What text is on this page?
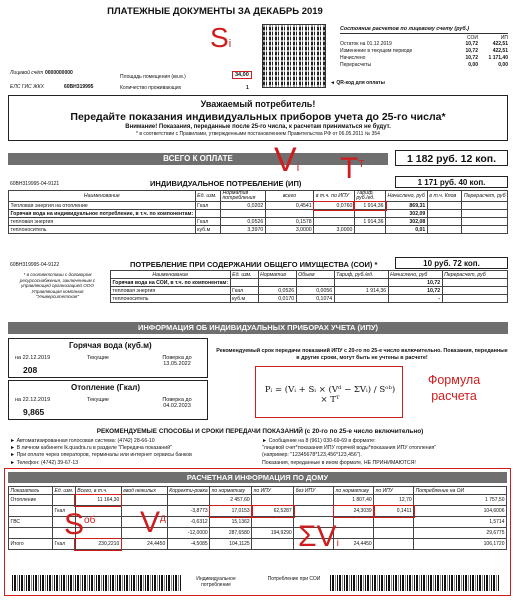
ПЛАТЕЖНЫЕ ДОКУМЕНТЫ ЗА ДЕКАБРЬ 2019
◄ QR-код для оплаты
Лицевой счёт 0000000000
ЕЛС ГИС ЖКХ	60ВН319995
Площадь помещения (кв.м.)	34,00
Количество проживающих	1
Si
Состояние расчетов по лицевому счету (руб.)
СОИ	ИП
Остаток на 01.12.2019	10,72	422,51
Изменение в текущем периоде	10,72	422,51
Начислено	10,72	1 171,40
Перерасчеты	0,00	0,00
Уважаемый потребитель!
Передайте показания индивидуальных приборов учета до 25-го числа*
Внимание! Показания, переданные после 25-го числа, к расчетам приниматься не будут.
* в соответствии с Правилами, утвержденными постановлением Правительства РФ от 06.05.2011 № 354
ВСЕГО К ОПЛАТЕ	1 182 руб. 12 коп.
Vi $T^T$
60ВН319995-04-9121	ИНДИВИДУАЛЬНОЕ ПОТРЕБЛЕНИЕ (ИП)	1 171 руб. 40 коп.
Наименование	Ед. изм.	Норматив потребления	всего	в т.ч. по ИПУ	Тариф, руб./ед.	Начислено, руб	в т.ч. Кпов	Перерасчет, руб
Тепловая энергия на отопление	Гкал	0,0202	0,4541	0,0760	1 914,36	869,31		
Горячая вода на индивидуальное потребление, в т.ч. по компонентам:						302,09		
тепловая энергия	Гкал	0,0526	0,1578		1 914,36	302,08		
теплоноситель	куб.м	3,3970	3,0000	3,0000		0,01		
60ВН319995-04-9122	ПОТРЕБЛЕНИЕ ПРИ СОДЕРЖАНИИ ОБЩЕГО ИМУЩЕСТВА (СОИ) *	10 руб. 72 коп.
* в соответствии с договором ресурсоснабжения, заключенным с управляющей организацией ООО Управляющая компания "Университетская"
Наименование	Ед. изм.	Норматив	Объем	Тариф, руб./ед.	Начислено, руб	Перерасчет, руб
Горячая вода на СОИ, в т.ч. по компонентам:					10,72	
тепловая энергия	Гкал	0,0526	0,0056	1 914,36	10,72	
теплоноситель	куб.м	0,0170	0,1074		-	
ИНФОРМАЦИЯ ОБ ИНДИВИДУАЛЬНЫХ ПРИБОРАХ УЧЕТА (ИПУ)
Горячая вода (куб.м)
на 22.12.2019
208
Текущие	Поверка до 13.05.2022
Отопление (Гкал)
на 22.12.2019
9,865
Текущие	Поверка до 04.02.2023
Рекомендуемый срок передачи показаний ИПУ с 20-го по 25-е число включительно. Показания, переданные в другие сроки, могут быть не учтены в расчете!
Pᵢ = (Vᵢ + Sᵢ × (Vᵈ − ΣVᵢ) / Sᵒᵇ) × Tᵀ
Формула расчета
РЕКОМЕНДУЕМЫЕ СПОСОБЫ И СРОКИ ПЕРЕДАЧИ ПОКАЗАНИЙ (с 20-го по 25-е число включительно)
► Автоматизированная голосовая система: (4742) 28-66-10
► В личном кабинете lk.quadra.ru в разделе "Передача показаний"
► При оплате через операторов, терминалы или интернет сервисы банков
► Телефон: (4742) 39-67-13
► Сообщение на 8 (961) 030-69-69 в формате:
"лицевой счет*показания ИПУ горячей воды*показания ИПУ отопления"
(например: "12345678*123,456*123,456").
Показания, переданные в ином формате, НЕ ПРИНИМАЮТСЯ!
РАСЧЕТНАЯ ИНФОРМАЦИЯ ПО ДОМУ
Показатель	Ед. изм.	Всего, в т.ч.	ввод нежилых	Корректи-ровка	по нормативу	по ИПУ	без ИПУ	по нормативу	по ИПУ	Потребление на ОИ
Отопление		11 164,30			2 457,60			1 807,40	12,70	1 757,50
	Гкал			-3,8773	17,0153	62,5287		24,3039	0,1411	104,6006
ГВС				-0,6312	15,1362					1,5714
				-12,0000	287,6580	194,9290				29,6775
Итого	Гкал	230,2210	24,4450	-4,5085	104,1125			24,4450		106,1720
$S^{об}$ $V^д$
ΣVi
Индивидуальное потребление
Потребление при СОИ
